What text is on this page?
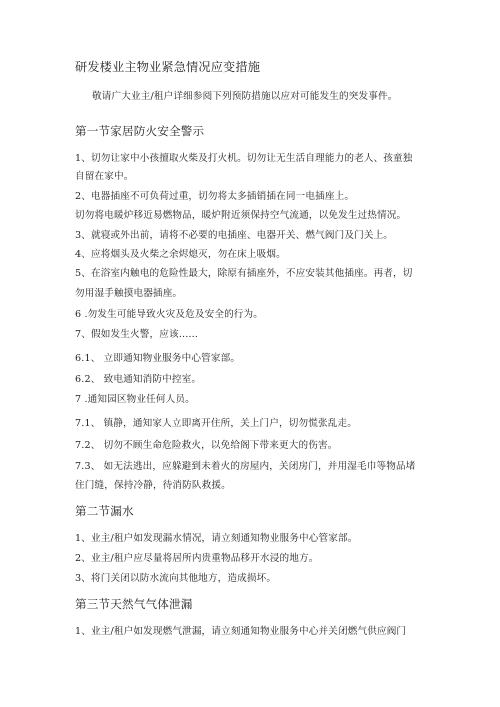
研发楼业主物业紧急情况应变措施
敬请广大业主/租户详细参阅下列预防措施以应对可能发生的突发事件。
第一节家居防火安全警示
1、切勿让家中小孩擅取火柴及打火机。切勿让无生活自理能力的老人、孩童独
自留在家中。
2、电器插座不可负荷过重，切勿将太多插销插在同一电插座上。
切勿将电暖炉移近易燃物品，暖炉附近须保持空气流通，以免发生过热情况。
3、就寝或外出前，请将不必要的电插座、电器开关、燃气阀门及门关上。
4、应将烟头及火柴之余烬熄灭，勿在床上吸烟。
5、在浴室内触电的危险性最大，除原有插座外，不应安装其他插座。再者，切
勿用湿手触摸电器插座。
6 .勿发生可能导致火灾及危及安全的行为。
7、假如发生火警，应该……
6.1、 立即通知物业服务中心管家部。
6.2、 致电通知消防中控室。
7 .通知园区物业任何人员。
7.1、 镇静，通知家人立即离开住所，关上门户，切勿慌张乱走。
7.2、 切勿不顾生命危险救火，以免给阁下带来更大的伤害。
7.3、 如无法逃出，应躲避到未着火的房屋内，关闭房门，并用湿毛巾等物品堵
住门缝，保持冷静，待消防队救援。
第二节漏水
1、业主/租户如发现漏水情况，请立刻通知物业服务中心管家部。
2、业主/租户应尽量将居所内贵重物品移开水浸的地方。
3、将门关闭以防水流向其他地方，造成损坏。
第三节天然气气体泄漏
1、业主/租户如发现燃气泄漏，请立刻通知物业服务中心并关闭燃气供应阀门
